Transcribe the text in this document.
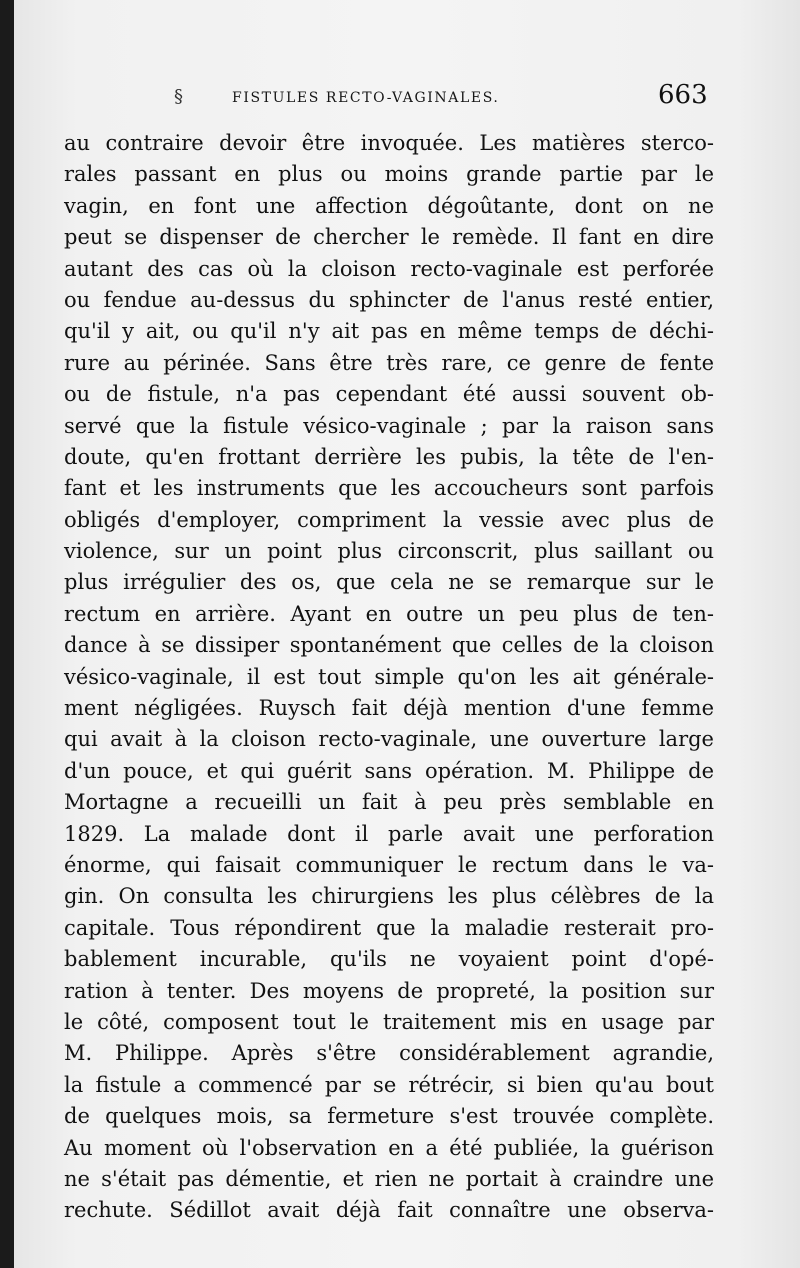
§	FISTULES RECTO-VAGINALES.	663
au contraire devoir être invoquée. Les matières sterco-
rales passant en plus ou moins grande partie par le
vagin, en font une affection dégoûtante, dont on ne
peut se dispenser de chercher le remède. Il fant en dire
autant des cas où la cloison recto-vaginale est perforée
ou fendue au-dessus du sphincter de l'anus resté entier,
qu'il y ait, ou qu'il n'y ait pas en même temps de déchi-
rure au périnée. Sans être très rare, ce genre de fente
ou de fistule, n'a pas cependant été aussi souvent ob-
servé que la fistule vésico-vaginale ; par la raison sans
doute, qu'en frottant derrière les pubis, la tête de l'en-
fant et les instruments que les accoucheurs sont parfois
obligés d'employer, compriment la vessie avec plus de
violence, sur un point plus circonscrit, plus saillant ou
plus irrégulier des os, que cela ne se remarque sur le
rectum en arrière. Ayant en outre un peu plus de ten-
dance à se dissiper spontanément que celles de la cloison
vésico-vaginale, il est tout simple qu'on les ait générale-
ment négligées. Ruysch fait déjà mention d'une femme
qui avait à la cloison recto-vaginale, une ouverture large
d'un pouce, et qui guérit sans opération. M. Philippe de
Mortagne a recueilli un fait à peu près semblable en
1829. La malade dont il parle avait une perforation
énorme, qui faisait communiquer le rectum dans le va-
gin. On consulta les chirurgiens les plus célèbres de la
capitale. Tous répondirent que la maladie resterait pro-
bablement incurable, qu'ils ne voyaient point d'opé-
ration à tenter. Des moyens de propreté, la position sur
le côté, composent tout le traitement mis en usage par
M. Philippe. Après s'être considérablement agrandie,
la fistule a commencé par se rétrécir, si bien qu'au bout
de quelques mois, sa fermeture s'est trouvée complète.
Au moment où l'observation en a été publiée, la guérison
ne s'était pas démentie, et rien ne portait à craindre une
rechute. Sédillot avait déjà fait connaître une observa-
